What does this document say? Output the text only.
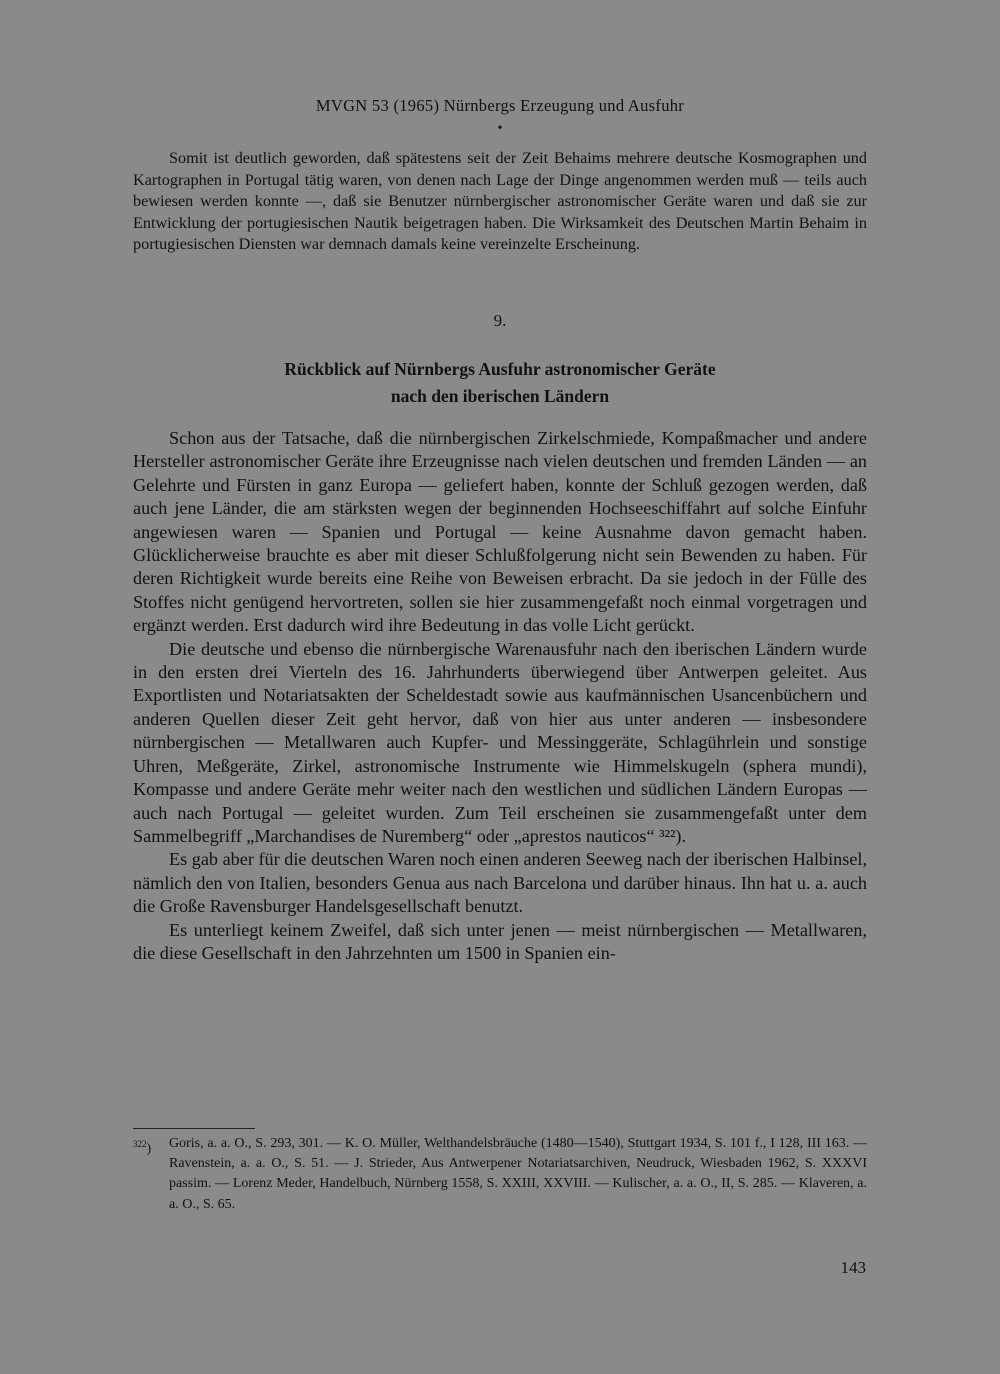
MVGN 53 (1965) Nürnbergs Erzeugung und Ausfuhr
•

Somit ist deutlich geworden, daß spätestens seit der Zeit Behaims mehrere deutsche Kosmographen und Kartographen in Portugal tätig waren, von denen nach Lage der Dinge angenommen werden muß — teils auch bewiesen werden konnte —, daß sie Benutzer nürnbergischer astronomischer Geräte waren und daß sie zur Entwicklung der portugiesischen Nautik beigetragen haben. Die Wirksamkeit des Deutschen Martin Behaim in portugiesischen Diensten war demnach damals keine vereinzelte Erscheinung.

9.
Rückblick auf Nürnbergs Ausfuhr astronomischer Geräte
nach den iberischen Ländern

Schon aus der Tatsache, daß die nürnbergischen Zirkelschmiede, Kompaßmacher und andere Hersteller astronomischer Geräte ihre Erzeugnisse nach vielen deutschen und fremden Länden — an Gelehrte und Fürsten in ganz Europa — geliefert haben, konnte der Schluß gezogen werden, daß auch jene Länder, die am stärksten wegen der beginnenden Hochseeschiffahrt auf solche Einfuhr angewiesen waren — Spanien und Portugal — keine Ausnahme davon gemacht haben. Glücklicherweise brauchte es aber mit dieser Schlußfolgerung nicht sein Bewenden zu haben. Für deren Richtigkeit wurde bereits eine Reihe von Beweisen erbracht. Da sie jedoch in der Fülle des Stoffes nicht genügend hervortreten, sollen sie hier zusammengefaßt noch einmal vorgetragen und ergänzt werden. Erst dadurch wird ihre Bedeutung in das volle Licht gerückt.

Die deutsche und ebenso die nürnbergische Warenausfuhr nach den iberischen Ländern wurde in den ersten drei Vierteln des 16. Jahrhunderts überwiegend über Antwerpen geleitet. Aus Exportlisten und Notariatsakten der Scheldestadt sowie aus kaufmännischen Usancenbüchern und anderen Quellen dieser Zeit geht hervor, daß von hier aus unter anderen — insbesondere nürnbergischen — Metallwaren auch Kupfer- und Messinggeräte, Schlagührlein und sonstige Uhren, Meßgeräte, Zirkel, astronomische Instrumente wie Himmelskugeln (sphera mundi), Kompasse und andere Geräte mehr weiter nach den westlichen und südlichen Ländern Europas — auch nach Portugal — geleitet wurden. Zum Teil erscheinen sie zusammengefaßt unter dem Sammelbegriff „Marchandises de Nuremberg“ oder „aprestos nauticos“ ³²²).

Es gab aber für die deutschen Waren noch einen anderen Seeweg nach der iberischen Halbinsel, nämlich den von Italien, besonders Genua aus nach Barcelona und darüber hinaus. Ihn hat u. a. auch die Große Ravensburger Handelsgesellschaft benutzt.

Es unterliegt keinem Zweifel, daß sich unter jenen — meist nürnbergischen — Metallwaren, die diese Gesellschaft in den Jahrzehnten um 1500 in Spanien ein-

$^{322}$) Goris, a. a. O., S. 293, 301. — K. O. Müller, Welthandelsbräuche (1480—1540), Stuttgart 1934, S. 101 f., I 128, III 163. — Ravenstein, a. a. O., S. 51. — J. Strieder, Aus Antwerpener Notariatsarchiven, Neudruck, Wiesbaden 1962, S. XXXVI passim. — Lorenz Meder, Handelbuch, Nürnberg 1558, S. XXIII, XXVIII. — Kulischer, a. a. O., II, S. 285. — Klaveren, a. a. O., S. 65.
143
